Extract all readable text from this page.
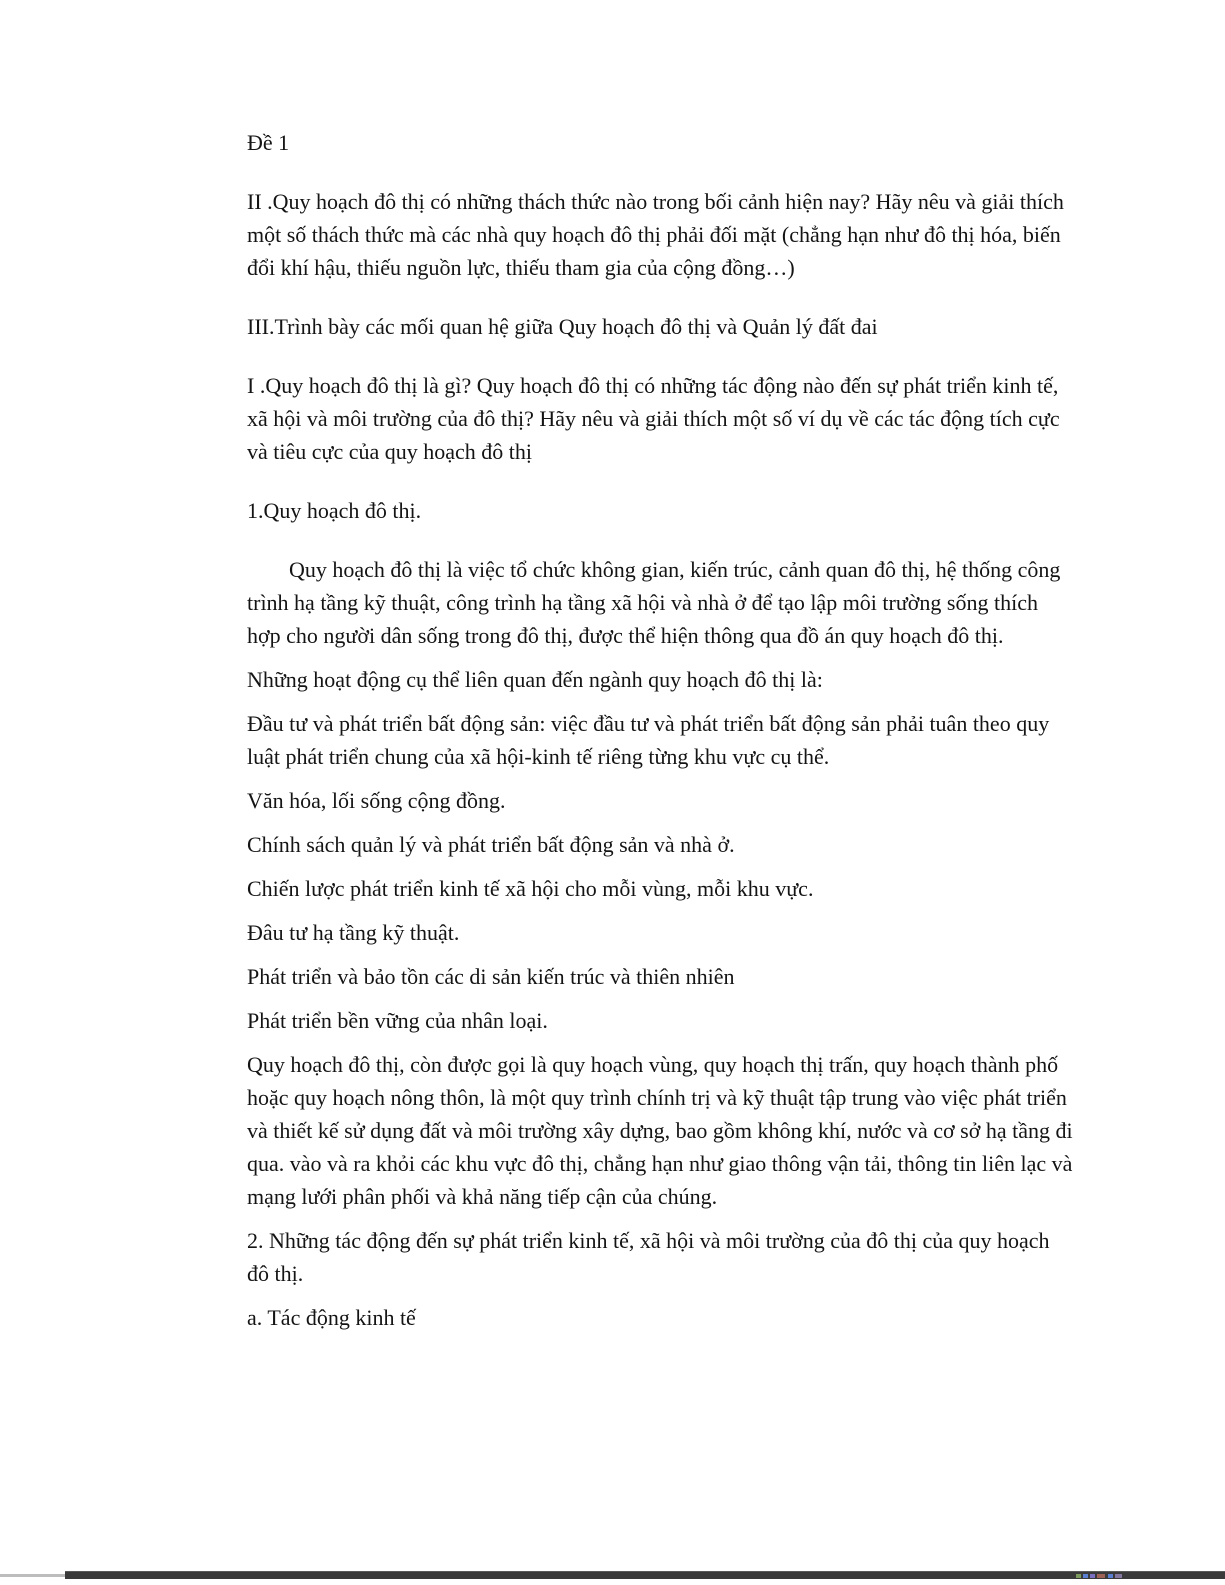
Đề 1

II .Quy hoạch đô thị có những thách thức nào trong bối cảnh hiện nay? Hãy nêu và giải thích một số thách thức mà các nhà quy hoạch đô thị phải đối mặt (chẳng hạn như đô thị hóa, biến đổi khí hậu, thiếu nguồn lực, thiếu tham gia của cộng đồng…)

III.Trình bày các mối quan hệ giữa Quy hoạch đô thị và Quản lý đất đai

I .Quy hoạch đô thị là gì? Quy hoạch đô thị có những tác động nào đến sự phát triển kinh tế, xã hội và môi trường của đô thị? Hãy nêu và giải thích một số ví dụ về các tác động tích cực và tiêu cực của quy hoạch đô thị

1.Quy hoạch đô thị.

Quy hoạch đô thị là việc tổ chức không gian, kiến trúc, cảnh quan đô thị, hệ thống công trình hạ tầng kỹ thuật, công trình hạ tầng xã hội và nhà ở để tạo lập môi trường sống thích hợp cho người dân sống trong đô thị, được thể hiện thông qua đồ án quy hoạch đô thị.

Những hoạt động cụ thể liên quan đến ngành quy hoạch đô thị là:

Đầu tư và phát triển bất động sản: việc đầu tư và phát triển bất động sản phải tuân theo quy luật phát triển chung của xã hội-kinh tế riêng từng khu vực cụ thể.

Văn hóa, lối sống cộng đồng.

Chính sách quản lý và phát triển bất động sản và nhà ở.

Chiến lược phát triển kinh tế xã hội cho mỗi vùng, mỗi khu vực.

Đâu tư hạ tầng kỹ thuật.

Phát triển và bảo tồn các di sản kiến trúc và thiên nhiên

Phát triển bền vững của nhân loại.

Quy hoạch đô thị, còn được gọi là quy hoạch vùng, quy hoạch thị trấn, quy hoạch thành phố hoặc quy hoạch nông thôn, là một quy trình chính trị và kỹ thuật tập trung vào việc phát triển và thiết kế sử dụng đất và môi trường xây dựng, bao gồm không khí, nước và cơ sở hạ tầng đi qua. vào và ra khỏi các khu vực đô thị, chẳng hạn như giao thông vận tải, thông tin liên lạc và mạng lưới phân phối và khả năng tiếp cận của chúng.

2. Những tác động đến sự phát triển kinh tế, xã hội và môi trường của đô thị của quy hoạch đô thị.

a. Tác động kinh tế
